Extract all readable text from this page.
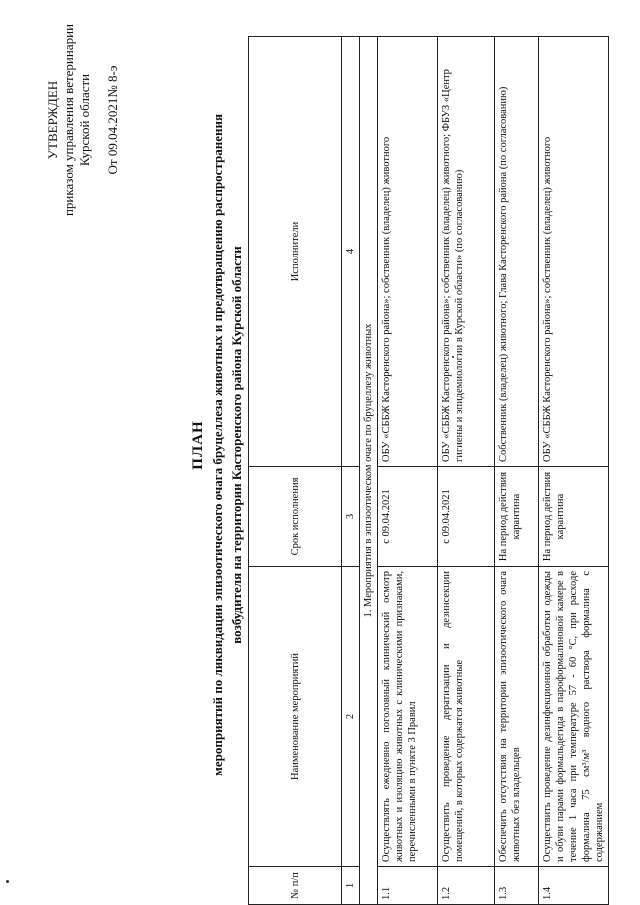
УТВЕРЖДЕН приказом управления ветеринарии Курской области От 09.04.2021№ 8-э
ПЛАН мероприятий по ликвидации эпизоотического очага бруцеллеза животных и предотвращению распространения возбудителя на территории Касторенского района Курской области
№ п/п	Наименование мероприятий	Срок исполнения	Исполнители
1	2	3	4
1. Мероприятия в эпизоотическом очаге по бруцеллезу животных			
1.1	Осуществлять ежедневно поголовный клинический осмотр животных и изоляцию животных с клиническими признаками, перечисленными в пункте 3 Правил	с 09.04.2021	ОБУ «СББЖ Касторенского района»; собственник (владелец) животного
1.2	Осуществить проведение дератизации и дезинсекции помещений, в которых содержатся животные	с 09.04.2021	ОБУ «СББЖ Касторенского района»; собственник (владелец) животного; ФБУЗ «Центр гигиены и эпидемиологии в Курской области» (по согласованию)
1.3	Обеспечить отсутствия на территории эпизоотического очага животных без владельцев	На период действия карантина	Собственник (владелец) животного; Глава Касторенского района (по согласованию)
1.4	Осуществить проведение дезинфекционной обработки одежды и обуви парами формальдегида в пароформалиновой камере в течение 1 часа при температуре 57 - 60 °С, при расходе формалина 75 см³/м³ водного раствора формалина с содержанием	На период действия карантина	ОБУ «СББЖ Касторенского района»; собственник (владелец) животного
